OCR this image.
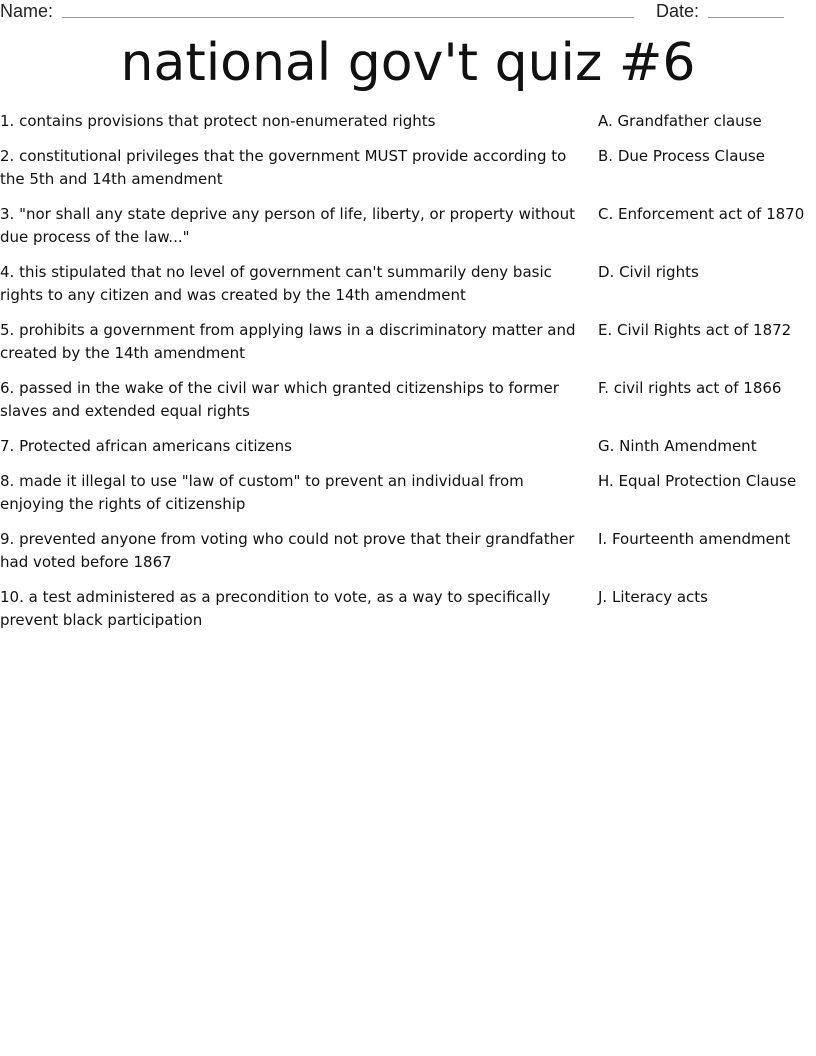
Name:	Date:
national gov't quiz #6
1. contains provisions that protect non-enumerated rights	A. Grandfather clause
2. constitutional privileges that the government MUST provide according to the 5th and 14th amendment
B. Due Process Clause
3. "nor shall any state deprive any person of life, liberty, or property without due process of the law..."
C. Enforcement act of 1870
4. this stipulated that no level of government can't summarily deny basic rights to any citizen and was created by the 14th amendment
D. Civil rights
5. prohibits a government from applying laws in a discriminatory matter and created by the 14th amendment
E. Civil Rights act of 1872
6. passed in the wake of the civil war which granted citizenships to former slaves and extended equal rights
F. civil rights act of 1866
7. Protected african americans citizens	G. Ninth Amendment
8. made it illegal to use "law of custom" to prevent an individual from enjoying the rights of citizenship
H. Equal Protection Clause
9. prevented anyone from voting who could not prove that their grandfather had voted before 1867
I. Fourteenth amendment
10. a test administered as a precondition to vote, as a way to specifically prevent black participation
J. Literacy acts
